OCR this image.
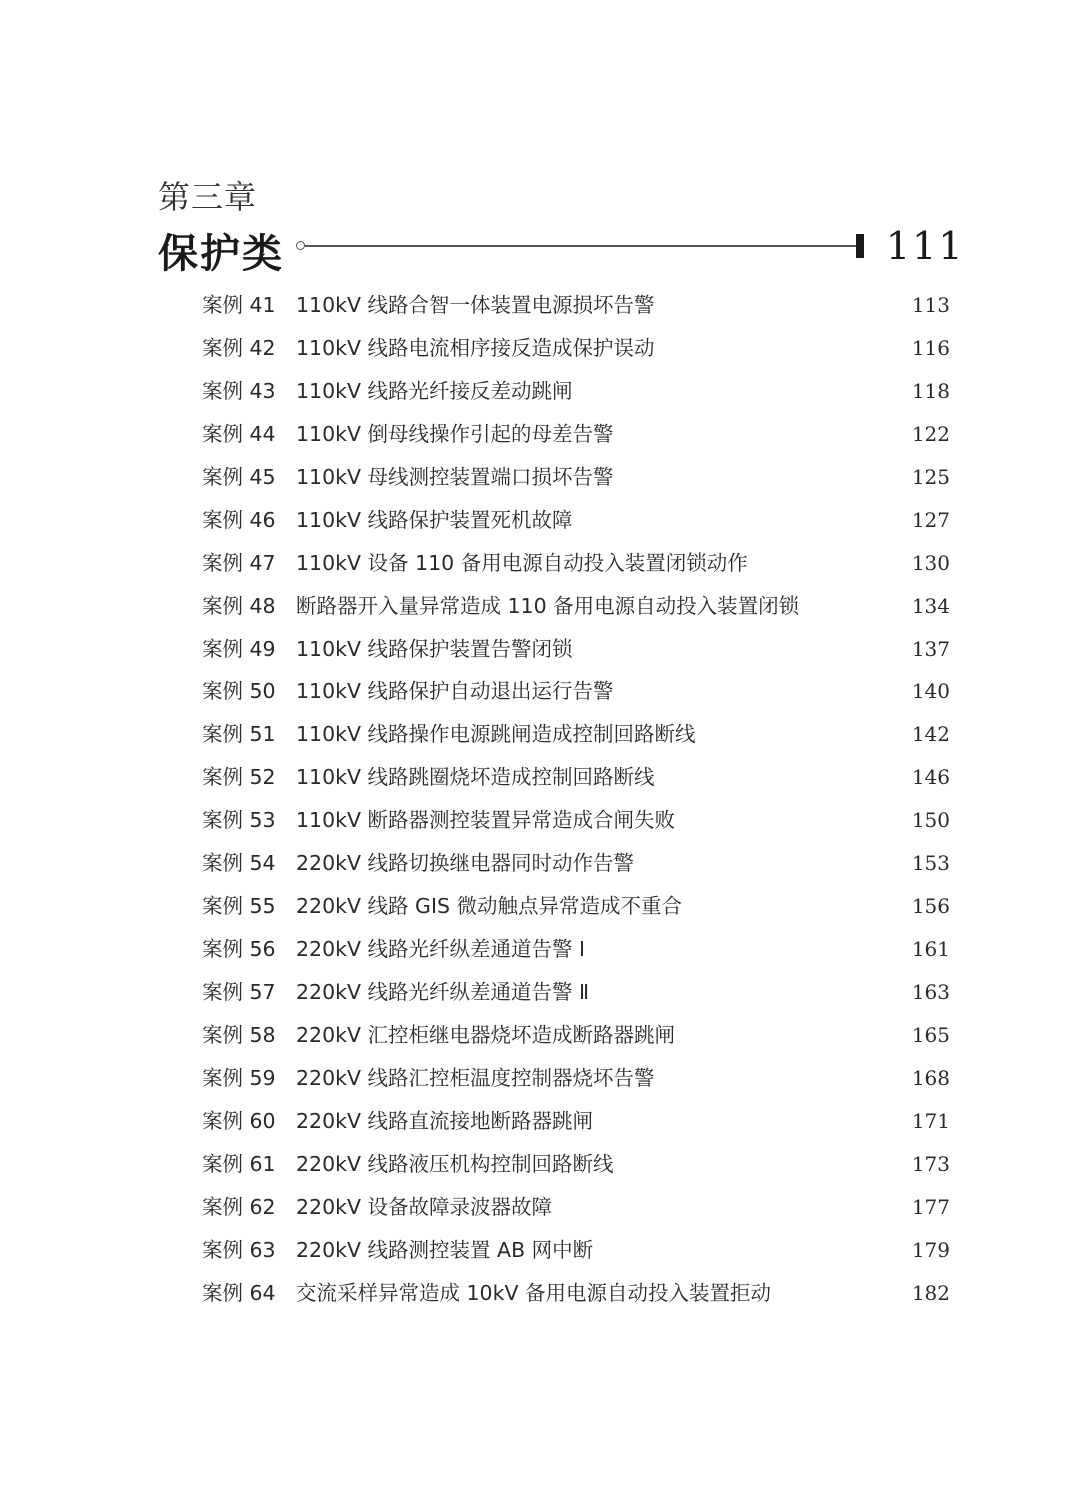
第三章
保护类	111
案例 41 110kV 线路合智一体装置电源损坏告警	113
案例 42 110kV 线路电流相序接反造成保护误动	116
案例 43 110kV 线路光纤接反差动跳闸	118
案例 44 110kV 倒母线操作引起的母差告警	122
案例 45 110kV 母线测控装置端口损坏告警	125
案例 46 110kV 线路保护装置死机故障	127
案例 47 110kV 设备 110 备用电源自动投入装置闭锁动作	130
案例 48 断路器开入量异常造成 110 备用电源自动投入装置闭锁	134
案例 49 110kV 线路保护装置告警闭锁	137
案例 50 110kV 线路保护自动退出运行告警	140
案例 51 110kV 线路操作电源跳闸造成控制回路断线	142
案例 52 110kV 线路跳圈烧坏造成控制回路断线	146
案例 53 110kV 断路器测控装置异常造成合闸失败	150
案例 54 220kV 线路切换继电器同时动作告警	153
案例 55 220kV 线路 GIS 微动触点异常造成不重合	156
案例 56 220kV 线路光纤纵差通道告警 Ⅰ	161
案例 57 220kV 线路光纤纵差通道告警 Ⅱ	163
案例 58 220kV 汇控柜继电器烧坏造成断路器跳闸	165
案例 59 220kV 线路汇控柜温度控制器烧坏告警	168
案例 60 220kV 线路直流接地断路器跳闸	171
案例 61 220kV 线路液压机构控制回路断线	173
案例 62 220kV 设备故障录波器故障	177
案例 63 220kV 线路测控装置 AB 网中断	179
案例 64 交流采样异常造成 10kV 备用电源自动投入装置拒动	182
